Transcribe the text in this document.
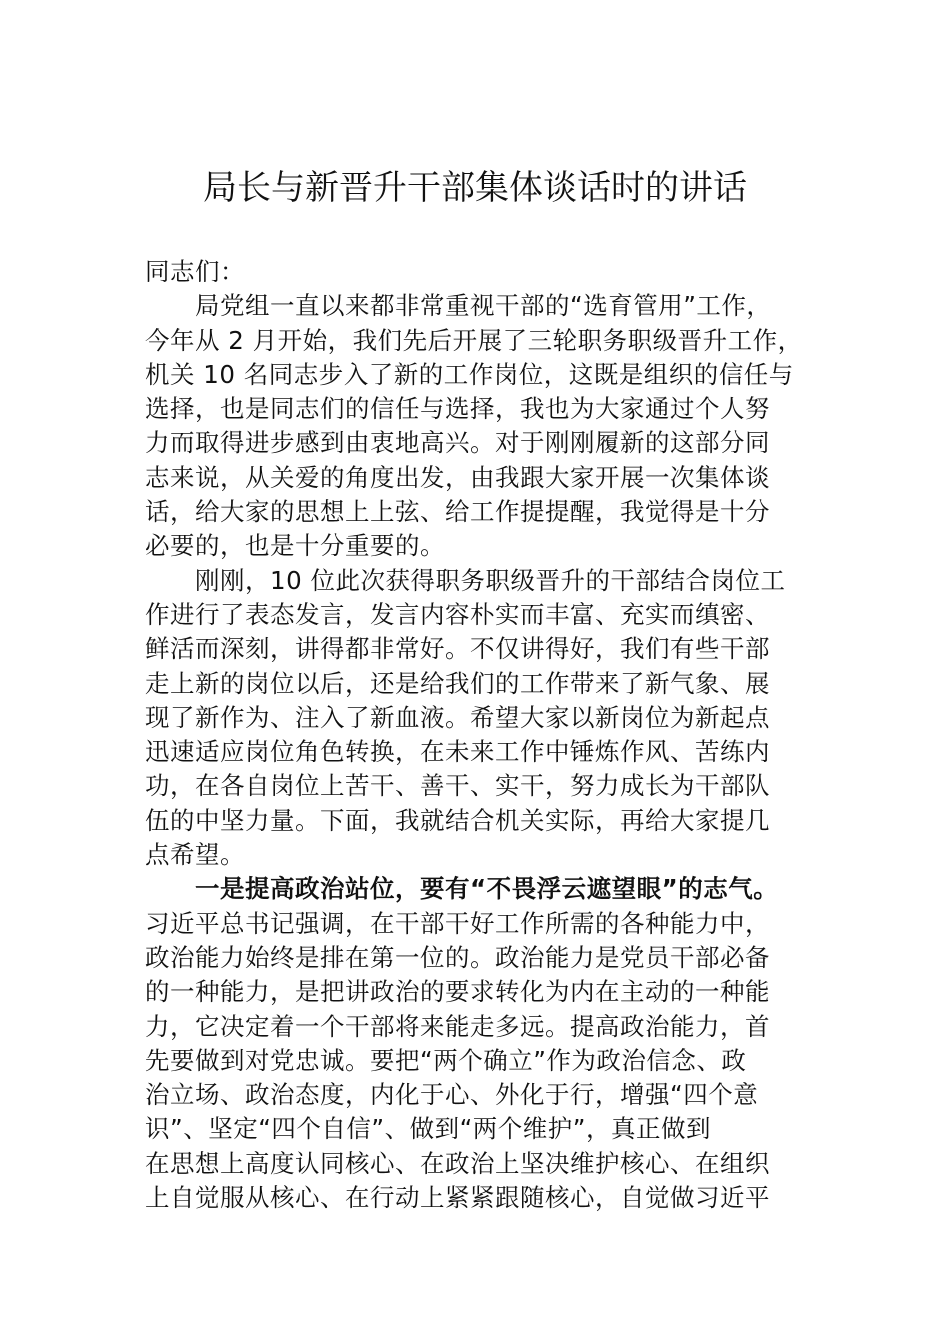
局长与新晋升干部集体谈话时的讲话
同志们：
　　局党组一直以来都非常重视干部的“选育管用”工作，
今年从 2 月开始，我们先后开展了三轮职务职级晋升工作，
机关 10 名同志步入了新的工作岗位，这既是组织的信任与
选择，也是同志们的信任与选择，我也为大家通过个人努
力而取得进步感到由衷地高兴。对于刚刚履新的这部分同
志来说，从关爱的角度出发，由我跟大家开展一次集体谈
话，给大家的思想上上弦、给工作提提醒，我觉得是十分
必要的，也是十分重要的。
　　刚刚，10 位此次获得职务职级晋升的干部结合岗位工
作进行了表态发言，发言内容朴实而丰富、充实而缜密、
鲜活而深刻，讲得都非常好。不仅讲得好，我们有些干部
走上新的岗位以后，还是给我们的工作带来了新气象、展
现了新作为、注入了新血液。希望大家以新岗位为新起点
迅速适应岗位角色转换，在未来工作中锤炼作风、苦练内
功，在各自岗位上苦干、善干、实干，努力成长为干部队
伍的中坚力量。下面，我就结合机关实际，再给大家提几
点希望。
　　一是提高政治站位，要有“不畏浮云遮望眼”的志气。
习近平总书记强调，在干部干好工作所需的各种能力中，
政治能力始终是排在第一位的。政治能力是党员干部必备
的一种能力，是把讲政治的要求转化为内在主动的一种能
力，它决定着一个干部将来能走多远。提高政治能力，首
先要做到对党忠诚。要把“两个确立”作为政治信念、政
治立场、政治态度，内化于心、外化于行，增强“四个意
识”、坚定“四个自信”、做到“两个维护”，真正做到
在思想上高度认同核心、在政治上坚决维护核心、在组织
上自觉服从核心、在行动上紧紧跟随核心，自觉做习近平
